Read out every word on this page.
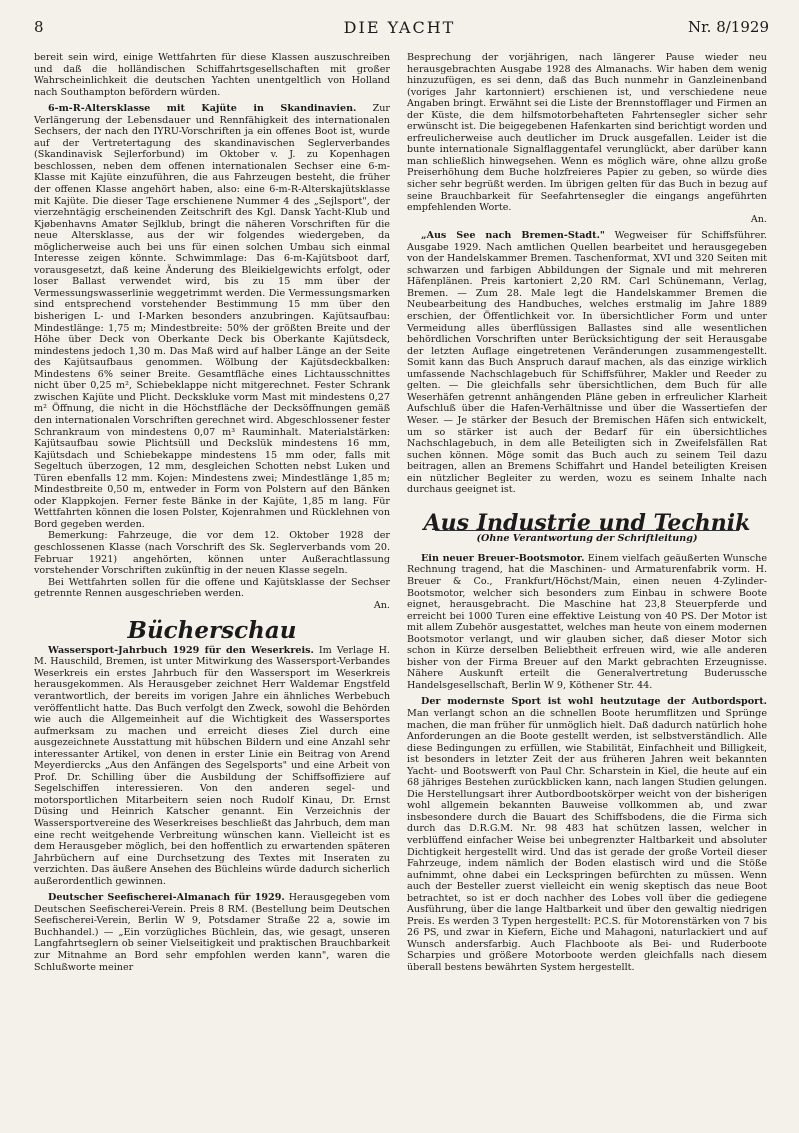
8	DIE YACHT	Nr. 8/1929

bereit sein wird, einige Wettfahrten für diese Klassen auszuschreiben und daß die holländischen Schiffahrtsgesellschaften mit großer Wahrscheinlichkeit die deutschen Yachten unentgeltlich von Holland nach Southampton befördern würden.

6-m-R-Altersklasse mit Kajüte in Skandinavien. Zur Verlängerung der Lebensdauer und Rennfähigkeit des internationalen Sechsers, der nach den IYRU-Vorschriften ja ein offenes Boot ist, wurde auf der Vertretertagung des skandinavischen Seglerverbandes (Skandinavisk Sejlerforbund) im Oktober v. J. zu Kopenhagen beschlossen, neben dem offenen internationalen Sechser eine 6-m-Klasse mit Kajüte einzuführen, die aus Fahrzeugen besteht, die früher der offenen Klasse angehört haben, also: eine 6-m-R-Alterskajütsklasse mit Kajüte. Die dieser Tage erschienene Nummer 4 des „Sejlsport", der vierzehntägig erscheinenden Zeitschrift des Kgl. Dansk Yacht-Klub und Kjøbenhavns Amatør Sejlklub, bringt die näheren Vorschriften für die neue Altersklasse, aus der wir folgendes wiedergeben, da möglicherweise auch bei uns für einen solchen Umbau sich einmal Interesse zeigen könnte. Schwimmlage: Das 6-m-Kajütsboot darf, vorausgesetzt, daß keine Änderung des Bleikielgewichts erfolgt, oder loser Ballast verwendet wird, bis zu 15 mm über der Vermessungswasserlinie weggetrimmt werden. Die Vermessungsmarken sind entsprechend vorstehender Bestimmung 15 mm über den bisherigen L- und I-Marken besonders anzubringen. Kajütsaufbau: Mindestlänge: 1,75 m; Mindestbreite: 50% der größten Breite und der Höhe über Deck von Oberkante Deck bis Oberkante Kajütsdeck, mindestens jedoch 1,30 m. Das Maß wird auf halber Länge an der Seite des Kajütsaufbaus genommen. Wölbung der Kajütsdeckbalken: Mindestens 6% seiner Breite. Gesamtfläche eines Lichtausschnittes nicht über 0,25 m², Schiebeklappe nicht mitgerechnet. Fester Schrank zwischen Kajüte und Plicht. Deckskluke vorm Mast mit mindestens 0,27 m² Öffnung, die nicht in die Höchstfläche der Decksöffnungen gemäß den internationalen Vorschriften gerechnet wird. Abgeschlossener fester Schrankraum von mindestens 0,07 m³ Rauminhalt. Materialstärken: Kajütsaufbau sowie Plichtsüll und Deckslük mindestens 16 mm, Kajütsdach und Schiebekappe mindestens 15 mm oder, falls mit Segeltuch überzogen, 12 mm, desgleichen Schotten nebst Luken und Türen ebenfalls 12 mm. Kojen: Mindestens zwei; Mindestlänge 1,85 m; Mindestbreite 0,50 m, entweder in Form von Polstern auf den Bänken oder Klappkojen. Ferner feste Bänke in der Kajüte, 1,85 m lang. Für Wettfahrten können die losen Polster, Kojenrahmen und Rücklehnen von Bord gegeben werden.

Bemerkung: Fahrzeuge, die vor dem 12. Oktober 1928 der geschlossenen Klasse (nach Vorschrift des Sk. Seglerverbands vom 20. Februar 1921) angehörten, können unter Außerachtlassung vorstehender Vorschriften zukünftig in der neuen Klasse segeln.

Bei Wettfahrten sollen für die offene und Kajütsklasse der Sechser getrennte Rennen ausgeschrieben werden.

An.
Bücherschau

Wassersport-Jahrbuch 1929 für den Weserkreis. Im Verlage H. M. Hauschild, Bremen, ist unter Mitwirkung des Wassersport-Verbandes Weserkreis ein erstes Jahrbuch für den Wassersport im Weserkreis herausgekommen. Als Herausgeber zeichnet Herr Waldemar Engstfeld verantwortlich, der bereits im vorigen Jahre ein ähnliches Werbebuch veröffentlicht hatte. Das Buch verfolgt den Zweck, sowohl die Behörden wie auch die Allgemeinheit auf die Wichtigkeit des Wassersportes aufmerksam zu machen und erreicht dieses Ziel durch eine ausgezeichnete Ausstattung mit hübschen Bildern und eine Anzahl sehr interessanter Artikel, von denen in erster Linie ein Beitrag von Arend Meyerdiercks „Aus den Anfängen des Segelsports" und eine Arbeit von Prof. Dr. Schilling über die Ausbildung der Schiffsoffiziere auf Segelschiffen interessieren. Von den anderen segel- und motorsportlichen Mitarbeitern seien noch Rudolf Kinau, Dr. Ernst Düsing und Heinrich Katscher genannt. Ein Verzeichnis der Wassersportvereine des Weserkreises beschließt das Jahrbuch, dem man eine recht weitgehende Verbreitung wünschen kann. Vielleicht ist es dem Herausgeber möglich, bei den hoffentlich zu erwartenden späteren Jahrbüchern auf eine Durchsetzung des Textes mit Inseraten zu verzichten. Das äußere Ansehen des Büchleins würde dadurch sicherlich außerordentlich gewinnen.

Deutscher Seefischerei-Almanach für 1929. Herausgegeben vom Deutschen Seefischerei-Verein. Preis 8 RM. (Bestellung beim Deutschen Seefischerei-Verein, Berlin W 9, Potsdamer Straße 22 a, sowie im Buchhandel.) — „Ein vorzügliches Büchlein, das, wie gesagt, unseren Langfahrtseglern ob seiner Vielseitigkeit und praktischen Brauchbarkeit zur Mitnahme an Bord sehr empfohlen werden kann", waren die Schlußworte meiner

Besprechung der vorjährigen, nach längerer Pause wieder neu herausgebrachten Ausgabe 1928 des Almanachs. Wir haben dem wenig hinzuzufügen, es sei denn, daß das Buch nunmehr in Ganzleinenband (voriges Jahr kartonniert) erschienen ist, und verschiedene neue Angaben bringt. Erwähnt sei die Liste der Brennstofflager und Firmen an der Küste, die dem hilfsmotorbehafteten Fahrtensegler sicher sehr erwünscht ist. Die beigegebenen Hafenkarten sind berichtigt worden und erfreulicherweise auch deutlicher im Druck ausgefallen. Leider ist die bunte internationale Signalflaggentafel verunglückt, aber darüber kann man schließlich hinwegsehen. Wenn es möglich wäre, ohne allzu große Preiserhöhung dem Buche holzfreieres Papier zu geben, so würde dies sicher sehr begrüßt werden. Im übrigen gelten für das Buch in bezug auf seine Brauchbarkeit für Seefahrtensegler die eingangs angeführten empfehlenden Worte.

An.

„Aus See nach Bremen-Stadt." Wegweiser für Schiffsführer. Ausgabe 1929. Nach amtlichen Quellen bearbeitet und herausgegeben von der Handelskammer Bremen. Taschenformat, XVI und 320 Seiten mit schwarzen und farbigen Abbildungen der Signale und mit mehreren Häfenplänen. Preis kartoniert 2,20 RM. Carl Schünemann, Verlag, Bremen. — Zum 28. Male legt die Handelskammer Bremen die Neubearbeitung des Handbuches, welches erstmalig im Jahre 1889 erschien, der Öffentlichkeit vor. In übersichtlicher Form und unter Vermeidung alles überflüssigen Ballastes sind alle wesentlichen behördlichen Vorschriften unter Berücksichtigung der seit Herausgabe der letzten Auflage eingetretenen Veränderungen zusammengestellt. Somit kann das Buch Anspruch darauf machen, als das einzige wirklich umfassende Nachschlagebuch für Schiffsführer, Makler und Reeder zu gelten. — Die gleichfalls sehr übersichtlichen, dem Buch für alle Weserhäfen getrennt anhängenden Pläne geben in erfreulicher Klarheit Aufschluß über die Hafen-Verhältnisse und über die Wassertiefen der Weser. — Je stärker der Besuch der Bremischen Häfen sich entwickelt, um so stärker ist auch der Bedarf für ein übersichtliches Nachschlagebuch, in dem alle Beteiligten sich in Zweifelsfällen Rat suchen können. Möge somit das Buch auch zu seinem Teil dazu beitragen, allen an Bremens Schiffahrt und Handel beteiligten Kreisen ein nützlicher Begleiter zu werden, wozu es seinem Inhalte nach durchaus geeignet ist.

Aus Industrie und Technik
(Ohne Verantwortung der Schriftleitung)

Ein neuer Breuer-Bootsmotor. Einem vielfach geäußerten Wunsche Rechnung tragend, hat die Maschinen- und Armaturenfabrik vorm. H. Breuer & Co., Frankfurt/Höchst/Main, einen neuen 4-Zylinder-Bootsmotor, welcher sich besonders zum Einbau in schwere Boote eignet, herausgebracht. Die Maschine hat 23,8 Steuerpferde und erreicht bei 1000 Turen eine effektive Leistung von 40 PS. Der Motor ist mit allem Zubehör ausgestattet, welches man heute von einem modernen Bootsmotor verlangt, und wir glauben sicher, daß dieser Motor sich schon in Kürze derselben Beliebtheit erfreuen wird, wie alle anderen bisher von der Firma Breuer auf den Markt gebrachten Erzeugnisse. Nähere Auskunft erteilt die Generalvertretung Buderussche Handelsgesellschaft, Berlin W 9, Köthener Str. 44.

Der modernste Sport ist wohl heutzutage der Autbordsport. Man verlangt schon an die schnellen Boote herumflitzen und Sprünge machen, die man früher für unmöglich hielt. Daß dadurch natürlich hohe Anforderungen an die Boote gestellt werden, ist selbstverständlich. Alle diese Bedingungen zu erfüllen, wie Stabilität, Einfachheit und Billigkeit, ist besonders in letzter Zeit der aus früheren Jahren weit bekannten Yacht- und Bootswerft von Paul Chr. Scharstein in Kiel, die heute auf ein 68 jähriges Bestehen zurückblicken kann, nach langen Studien gelungen. Die Herstellungsart ihrer Autbordbootskörper weicht von der bisherigen wohl allgemein bekannten Bauweise vollkommen ab, und zwar insbesondere durch die Bauart des Schiffsbodens, die die Firma sich durch das D.R.G.M. Nr. 98 483 hat schützen lassen, welcher in verblüffend einfacher Weise bei unbegrenzter Haltbarkeit und absoluter Dichtigkeit hergestellt wird. Und das ist gerade der große Vorteil dieser Fahrzeuge, indem nämlich der Boden elastisch wird und die Stöße aufnimmt, ohne dabei ein Leckspringen befürchten zu müssen. Wenn auch der Besteller zuerst vielleicht ein wenig skeptisch das neue Boot betrachtet, so ist er doch nachher des Lobes voll über die gediegene Ausführung, über die lange Haltbarkeit und über den gewaltig niedrigen Preis. Es werden 3 Typen hergestellt: P.C.S. für Motorenstärken von 7 bis 26 PS, und zwar in Kiefern, Eiche und Mahagoni, naturlackiert und auf Wunsch andersfarbig. Auch Flachboote als Bei- und Ruderboote Scharpies und größere Motorboote werden gleichfalls nach diesem überall bestens bewährten System hergestellt.
